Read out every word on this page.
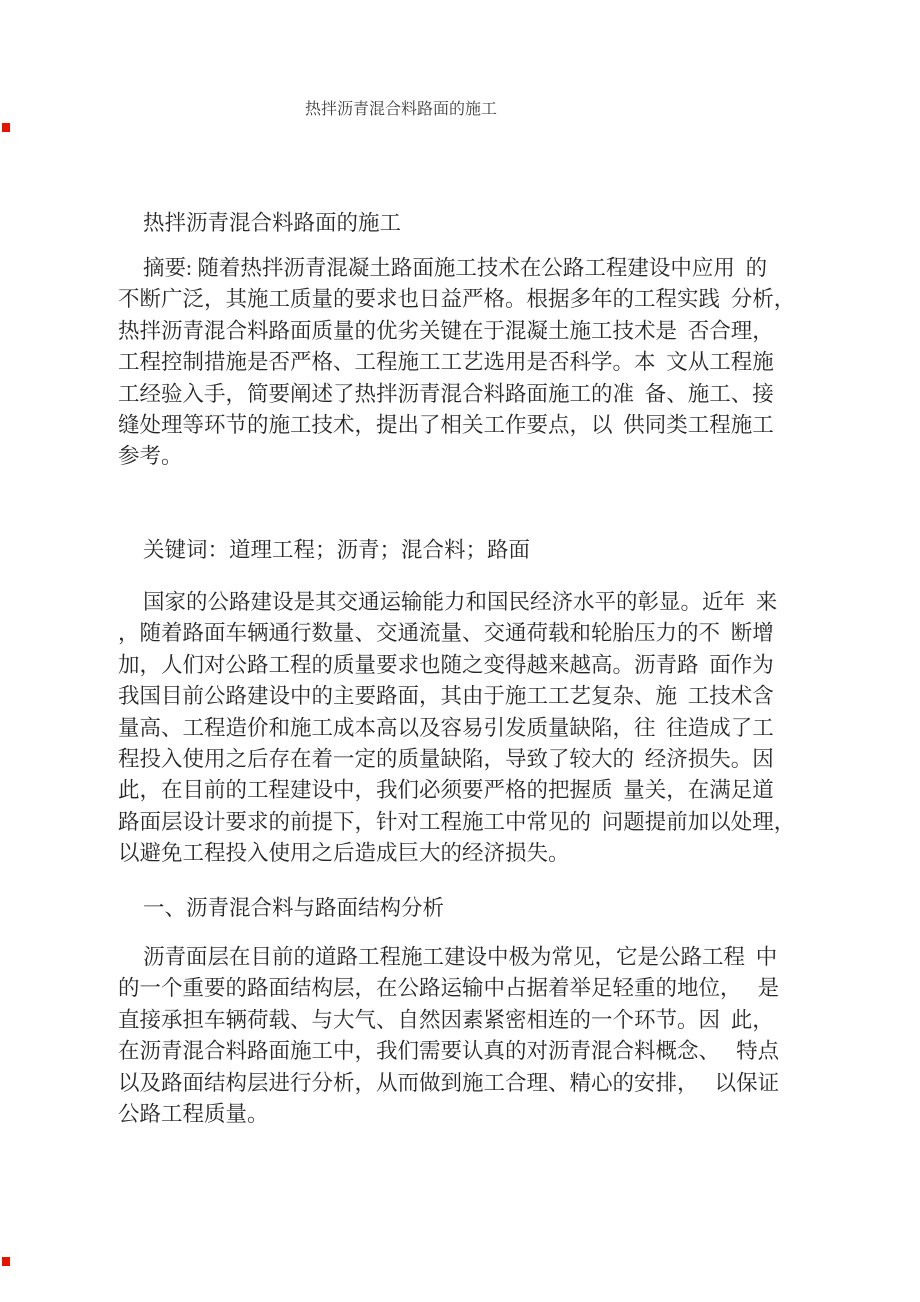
热拌沥青混合料路面的施工
热拌沥青混合料路面的施工
摘要: 随着热拌沥青混凝土路面施工技术在公路工程建设中应用  的
不断广泛，其施工质量的要求也日益严格。根据多年的工程实践  分析，
热拌沥青混合料路面质量的优劣关键在于混凝土施工技术是  否合理，
工程控制措施是否严格、工程施工工艺选用是否科学。本  文从工程施
工经验入手，简要阐述了热拌沥青混合料路面施工的准  备、施工、接
缝处理等环节的施工技术，提出了相关工作要点，以  供同类工程施工
参考。
关键词：道理工程；沥青；混合料；路面
国家的公路建设是其交通运输能力和国民经济水平的彰显。近年  来
，随着路面车辆通行数量、交通流量、交通荷载和轮胎压力的不  断增
加，人们对公路工程的质量要求也随之变得越来越高。沥青路  面作为
我国目前公路建设中的主要路面，其由于施工工艺复杂、施  工技术含
量高、工程造价和施工成本高以及容易引发质量缺陷，往  往造成了工
程投入使用之后存在着一定的质量缺陷，导致了较大的  经济损失。因
此，在目前的工程建设中，我们必须要严格的把握质  量关，在满足道
路面层设计要求的前提下，针对工程施工中常见的  问题提前加以处理，
以避免工程投入使用之后造成巨大的经济损失。
一、沥青混合料与路面结构分析
沥青面层在目前的道路工程施工建设中极为常见，它是公路工程  中
的一个重要的路面结构层，在公路运输中占据着举足轻重的地位，   是
直接承担车辆荷载、与大气、自然因素紧密相连的一个环节。因  此，
在沥青混合料路面施工中，我们需要认真的对沥青混合料概念、   特点
以及路面结构层进行分析，从而做到施工合理、精心的安排，   以保证
公路工程质量。
